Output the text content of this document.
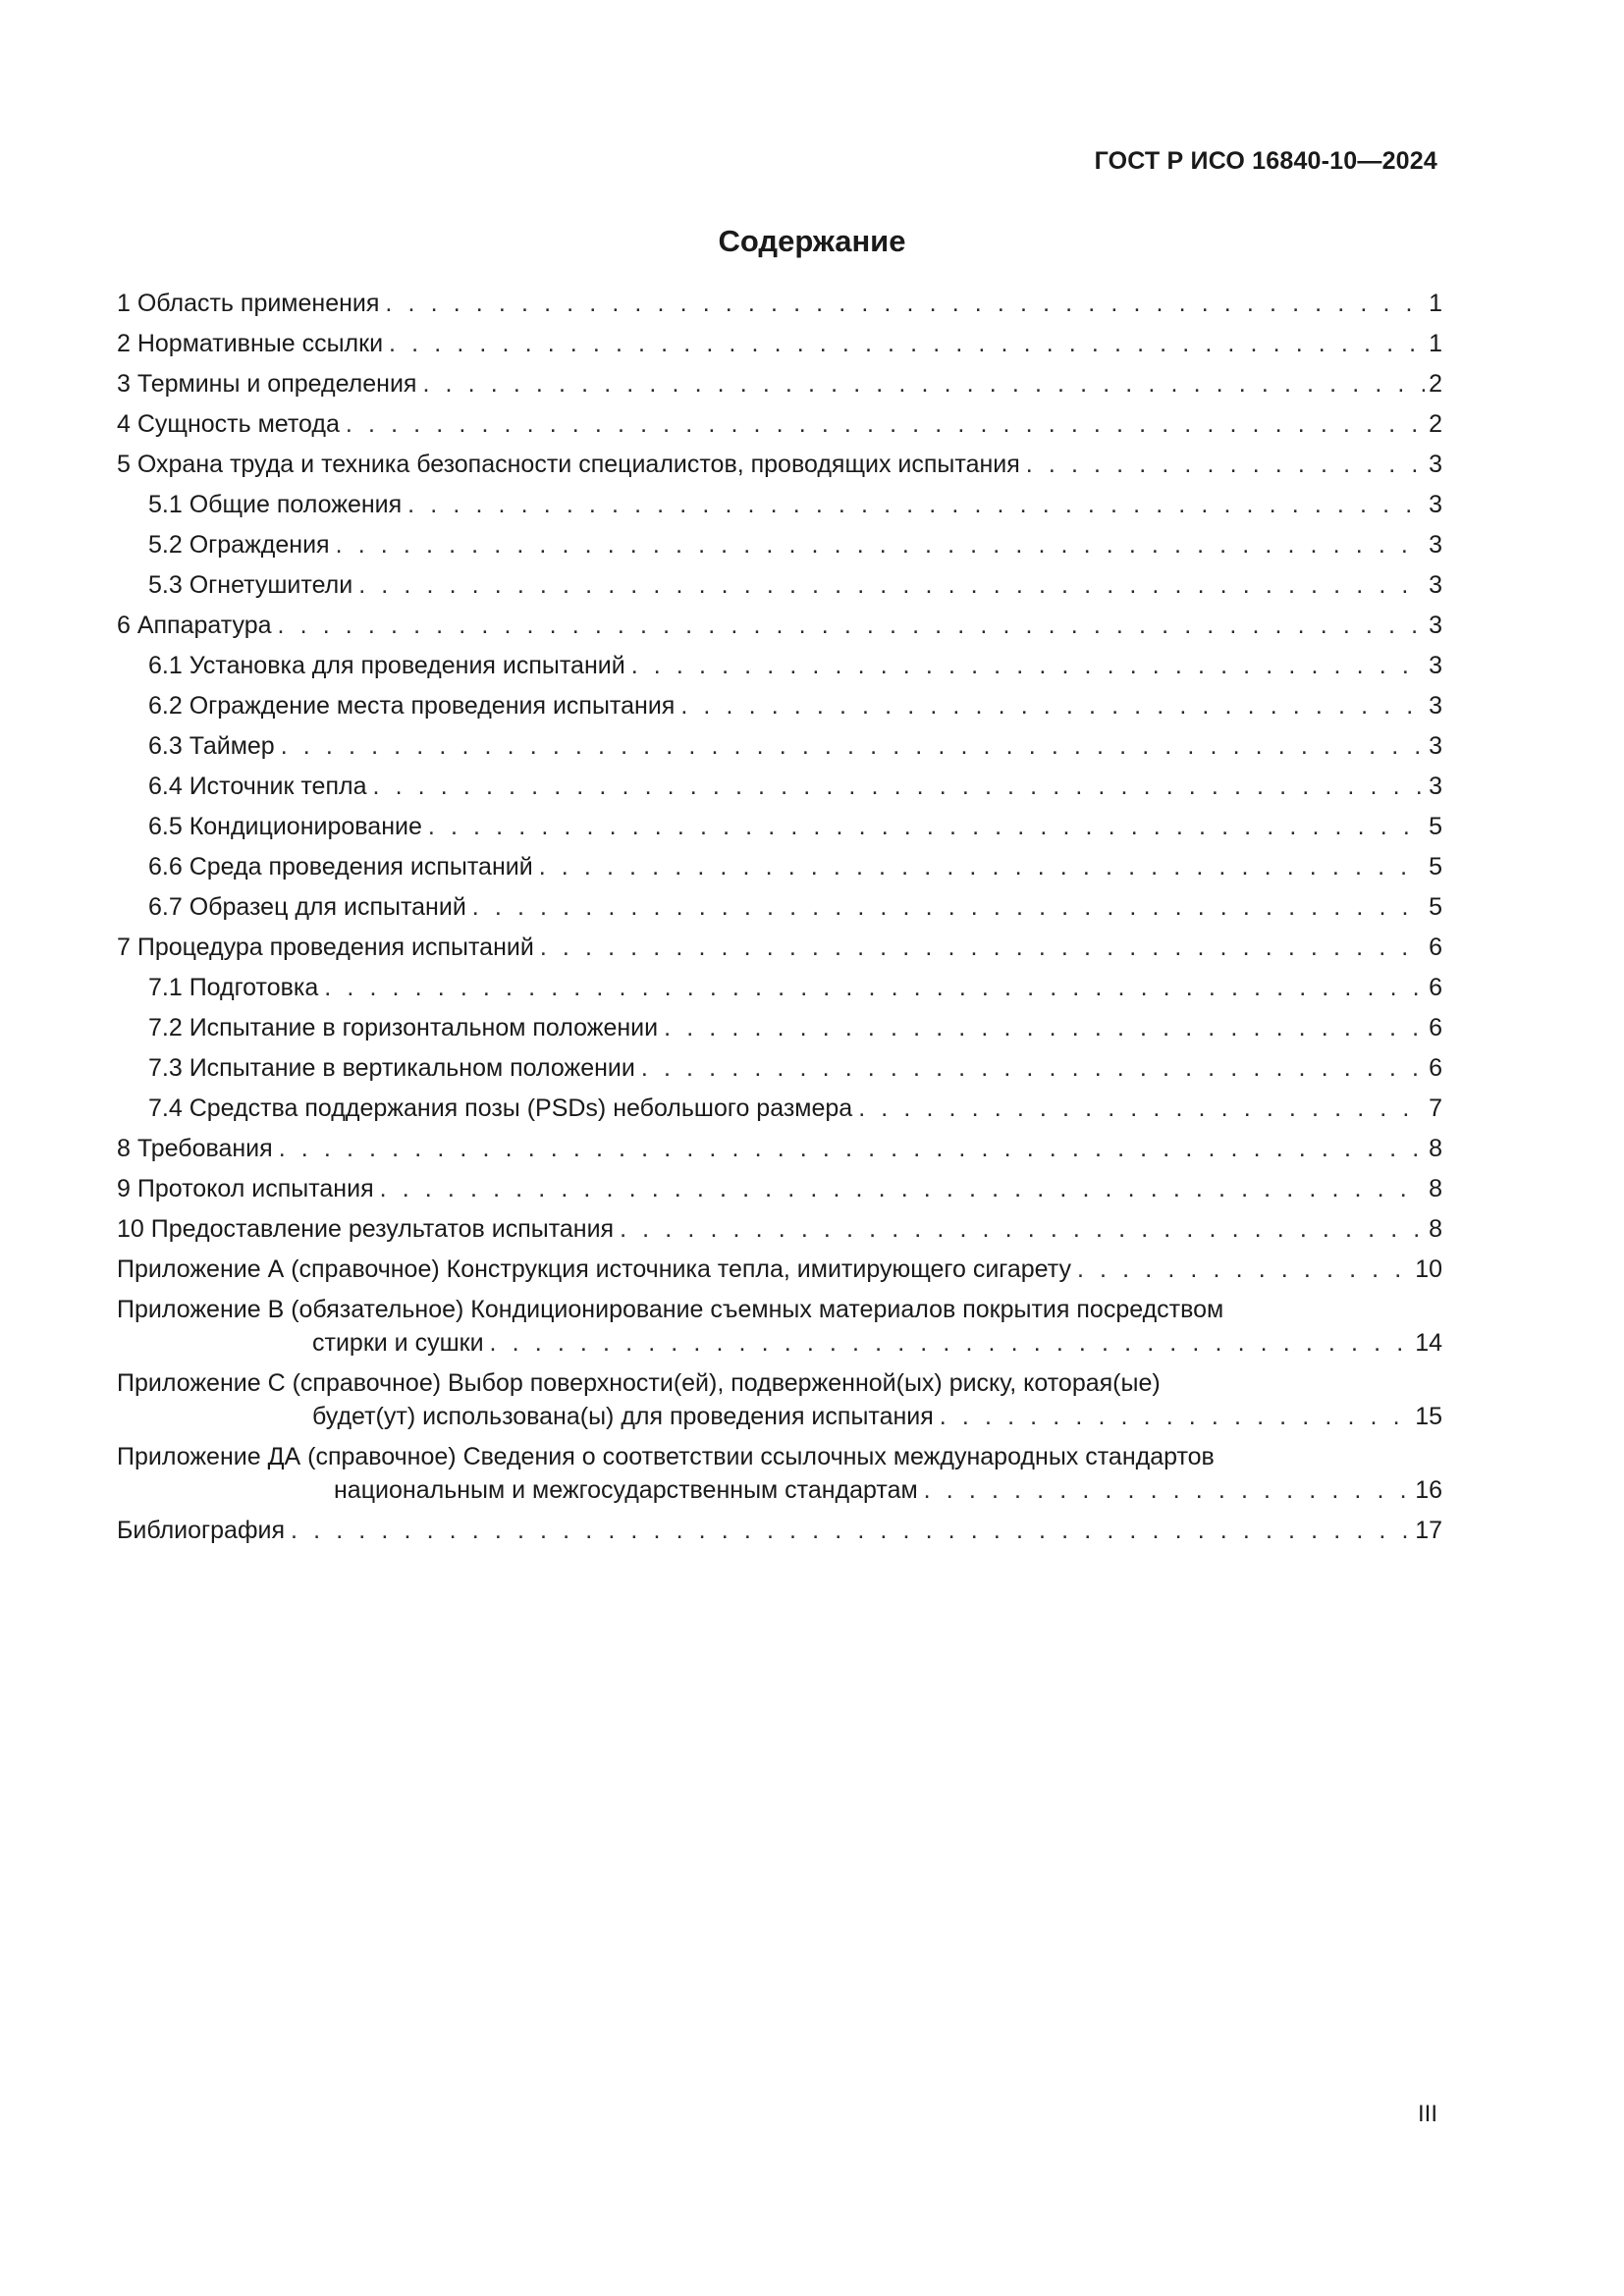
ГОСТ Р ИСО 16840-10—2024
Содержание
1 Область применения . . .	1
2 Нормативные ссылки . . .	1
3 Термины и определения . . .	2
4 Сущность метода . . .	2
5 Охрана труда и техника безопасности специалистов, проводящих испытания . . .	3
5.1 Общие положения . . .	3
5.2 Ограждения . . .	3
5.3 Огнетушители . . .	3
6 Аппаратура . . .	3
6.1 Установка для проведения испытаний . . .	3
6.2 Ограждение места проведения испытания . . .	3
6.3 Таймер . . .	3
6.4 Источник тепла . . .	3
6.5 Кондиционирование . . .	5
6.6 Среда проведения испытаний . . .	5
6.7 Образец для испытаний . . .	5
7 Процедура проведения испытаний . . .	6
7.1 Подготовка . . .	6
7.2 Испытание в горизонтальном положении . . .	6
7.3 Испытание в вертикальном положении . . .	6
7.4 Средства поддержания позы (PSDs) небольшого размера . . .	7
8 Требования . . .	8
9 Протокол испытания . . .	8
10 Предоставление результатов испытания . . .	8
Приложение А (справочное) Конструкция источника тепла, имитирующего сигарету . . .	10
Приложение В (обязательное) Кондиционирование съемных материалов покрытия посредством
стирки и сушки . . .	14
Приложение С (справочное) Выбор поверхности(ей), подверженной(ых) риску, которая(ые)
будет(ут) использована(ы) для проведения испытания . . .	15
Приложение ДА (справочное) Сведения о соответствии ссылочных международных стандартов
национальным и межгосударственным стандартам . . .	16
Библиография . . .	17
III
